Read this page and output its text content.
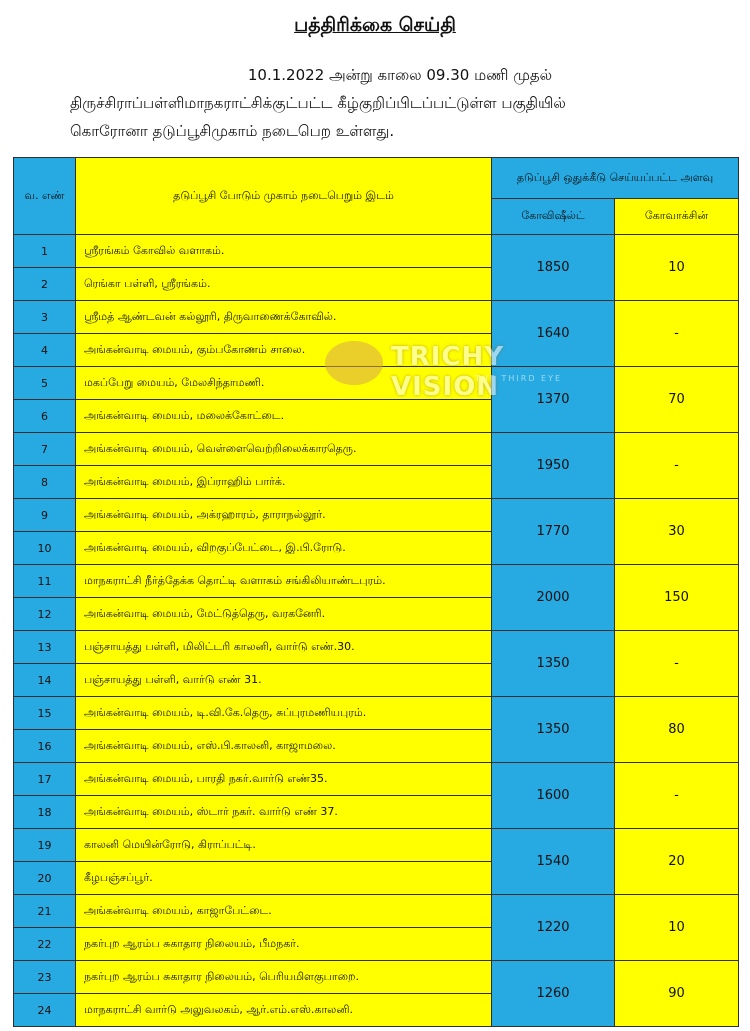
பத்திரிக்கை செய்தி
10.1.2022 அன்று காலை 09.30 மணி முதல்
திருச்சிராப்பள்ளிமாநகராட்சிக்குட்பட்ட கீழ்குறிப்பிடப்பட்டுள்ள பகுதியில்
கொரோனா தடுப்பூசிமுகாம் நடைபெற உள்ளது.
வ. எண்	தடுப்பூசி போடும் முகாம் நடைபெறும் இடம்	தடுப்பூசி ஒதுக்கீடு செய்யப்பட்ட அளவு	
		கோவிஷீல்ட்	கோவாக்சின்
1	ஸ்ரீரங்கம் கோவில் வளாகம்.	1850	10
2	ரெங்கா பள்ளி, ஸ்ரீரங்கம்.		
3	ஸ்ரீமத் ஆண்டவன் கல்லூரி, திருவாணைக்கோவில்.	1640	-
4	அங்கன்வாடி மையம், கும்பகோணம் சாலை.		
5	மகப்பேறு மையம், மேலசிந்தாமணி.	1370	70
6	அங்கன்வாடி மையம், மலைக்கோட்டை.		
7	அங்கன்வாடி மையம், வெள்ளைவெற்றிலைக்காரதெரு.	1950	-
8	அங்கன்வாடி மையம், இப்ராஹிம் பார்க்.		
9	அங்கன்வாடி மையம், அக்ரஹாரம், தாராநல்லூர்.	1770	30
10	அங்கன்வாடி மையம், விறகுப்பேட்டை, இ.பி.ரோடு.		
11	மாநகராட்சி நீர்த்தேக்க தொட்டி வளாகம் சங்கிலியாண்டபுரம்.	2000	150
12	அங்கன்வாடி மையம், மேட்டுத்தெரு, வரகனேரி.		
13	பஞ்சாயத்து பள்ளி, மிலிட்டரி காலனி, வார்டு எண்.30.	1350	-
14	பஞ்சாயத்து பள்ளி, வார்டு எண் 31.		
15	அங்கன்வாடி மையம், டி.வி.கே.தெரு, சுப்புரமணியபுரம்.	1350	80
16	அங்கன்வாடி மையம், எஸ்.பி.காலனி, காஜாமலை.		
17	அங்கன்வாடி மையம், பாரதி நகர்.வார்டு எண்35.	1600	-
18	அங்கன்வாடி மையம், ஸ்டார் நகர். வார்டு எண் 37.		
19	காலனி மெயின்ரோடு, கிராப்பட்டி.	1540	20
20	கீழபஞ்சப்பூர்.		
21	அங்கன்வாடி மையம், காஜாபேட்டை.	1220	10
22	நகர்புற ஆரம்ப சுகாதார நிலையம், பீமநகர்.		
23	நகர்புற ஆரம்ப சுகாதார நிலையம், பெரியமிளகுபாறை.	1260	90
24	மாநகராட்சி வார்டு அலுவலகம், ஆர்.எம்.எஸ்.காலனி.		
TRICHY VISION
THE THIRD EYE
